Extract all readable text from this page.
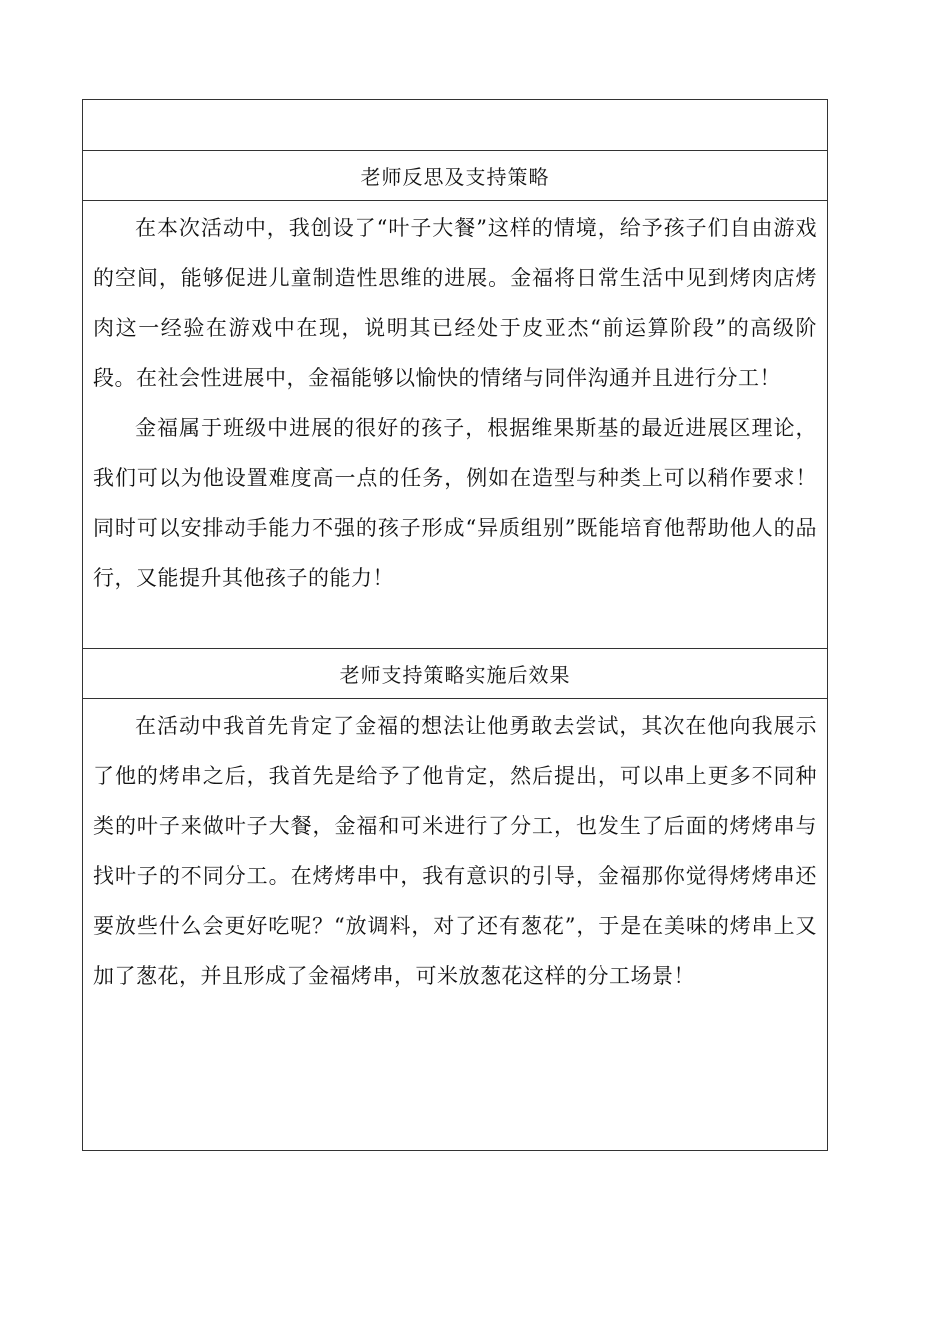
老师反思及支持策略

在本次活动中，我创设了“叶子大餐”这样的情境，给予孩子们自由游戏的空间，能够促进儿童制造性思维的进展。金福将日常生活中见到烤肉店烤肉这一经验在游戏中在现，说明其已经处于皮亚杰“前运算阶段”的高级阶段。在社会性进展中，金福能够以愉快的情绪与同伴沟通并且进行分工！

金福属于班级中进展的很好的孩子，根据维果斯基的最近进展区理论，我们可以为他设置难度高一点的任务，例如在造型与种类上可以稍作要求！同时可以安排动手能力不强的孩子形成“异质组别”既能培育他帮助他人的品行，又能提升其他孩子的能力！

老师支持策略实施后效果

在活动中我首先肯定了金福的想法让他勇敢去尝试，其次在他向我展示了他的烤串之后，我首先是给予了他肯定，然后提出，可以串上更多不同种类的叶子来做叶子大餐，金福和可米进行了分工，也发生了后面的烤烤串与找叶子的不同分工。在烤烤串中，我有意识的引导，金福那你觉得烤烤串还要放些什么会更好吃呢？“放调料，对了还有葱花”，于是在美味的烤串上又加了葱花，并且形成了金福烤串，可米放葱花这样的分工场景！
